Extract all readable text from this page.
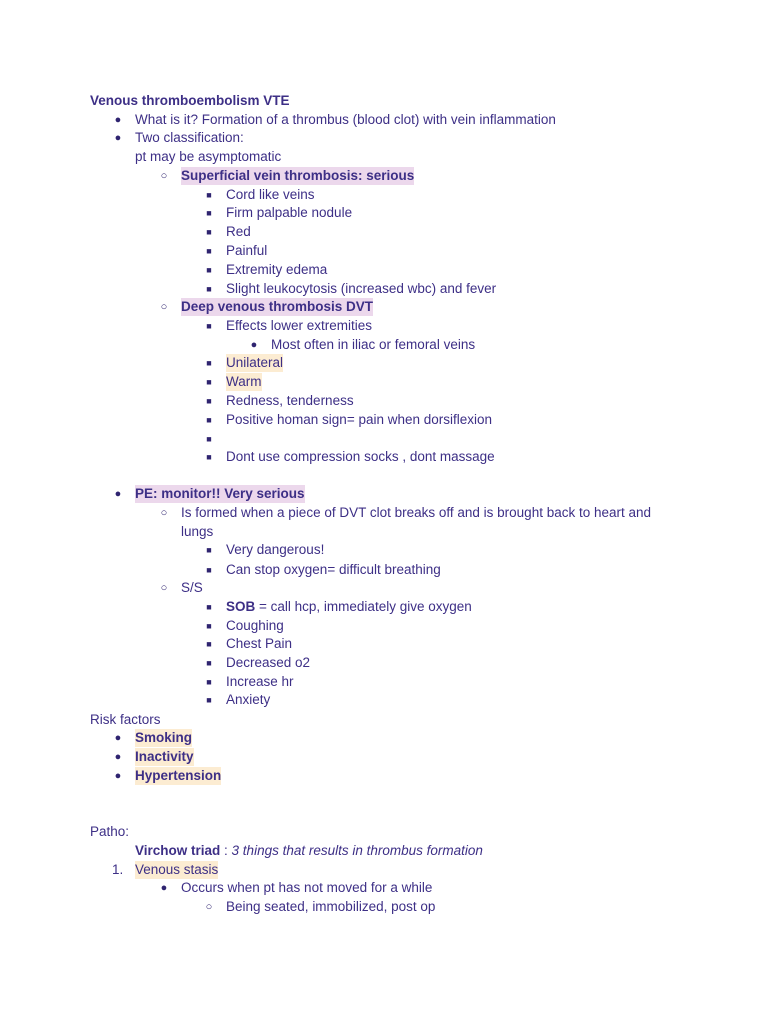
Venous thromboembolism VTE
● What is it? Formation of a thrombus (blood clot) with vein inflammation
● Two classification:
pt may be asymptomatic
○ Superficial vein thrombosis: serious
■	Cord like veins
■	Firm palpable nodule
■	Red
■	Painful
■	Extremity edema
■	Slight leukocytosis (increased wbc) and fever
○ Deep venous thrombosis DVT
■	Effects lower extremities
● Most often in iliac or femoral veins
■	Unilateral
■	Warm
■	Redness, tenderness
■	Positive homan sign= pain when dorsiflexion
■
■	Dont use compression socks , dont massage
● PE: monitor!! Very serious
○ Is formed when a piece of DVT clot breaks off and is brought back to heart and lungs
■	Very dangerous!
■	Can stop oxygen= difficult breathing
○ S/S
■	SOB = call hcp, immediately give oxygen
■	Coughing
■	Chest Pain
■	Decreased o2
■	Increase hr
■	Anxiety
Risk factors
● Smoking
● Inactivity
● Hypertension
Patho:
Virchow triad : 3 things that results in thrombus formation
1. Venous stasis
● Occurs when pt has not moved for a while
○ Being seated, immobilized, post op
